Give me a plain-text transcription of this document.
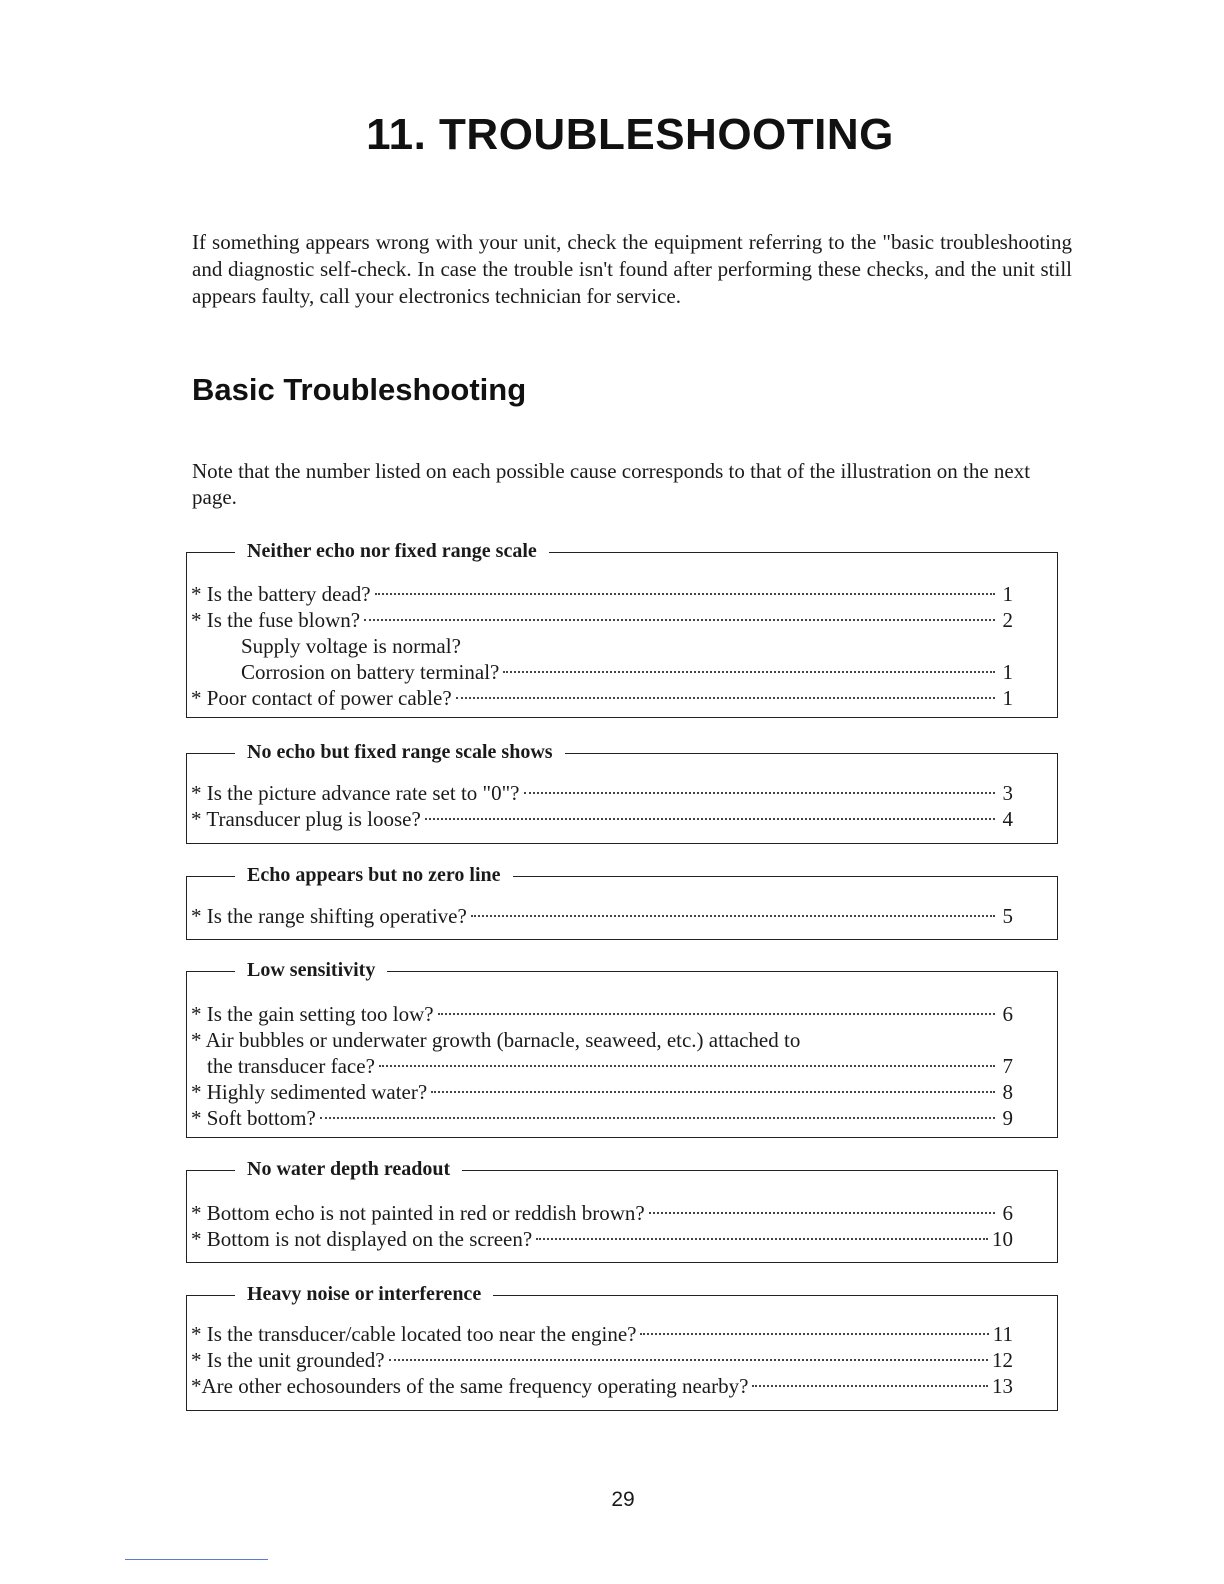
11. TROUBLESHOOTING
If something appears wrong with your unit, check the equipment referring to the "basic troubleshooting and diagnostic self-check. In case the trouble isn't found after performing these checks, and the unit still appears faulty, call your electronics technician for service.
Basic Troubleshooting
Note that the number listed on each possible cause corresponds to that of the illustration on the next page.
Neither echo nor fixed range scale
* Is the battery dead?	1
* Is the fuse blown?	2
Supply voltage is normal?
Corrosion on battery terminal?	1
* Poor contact of power cable?	1
No echo but fixed range scale shows
* Is the picture advance rate set to "0"?	3
* Transducer plug is loose?	4
Echo appears but no zero line
* Is the range shifting operative?	5
Low sensitivity
* Is the gain setting too low?	6
* Air bubbles or underwater growth (barnacle, seaweed, etc.) attached to
the transducer face?	7
* Highly sedimented water?	8
* Soft bottom?	9
No water depth readout
* Bottom echo is not painted in red or reddish brown?	6
* Bottom is not displayed on the screen?	10
Heavy noise or interference
* Is the transducer/cable located too near the engine?	11
* Is the unit grounded?	12
*Are other echosounders of the same frequency operating nearby?	13
29
